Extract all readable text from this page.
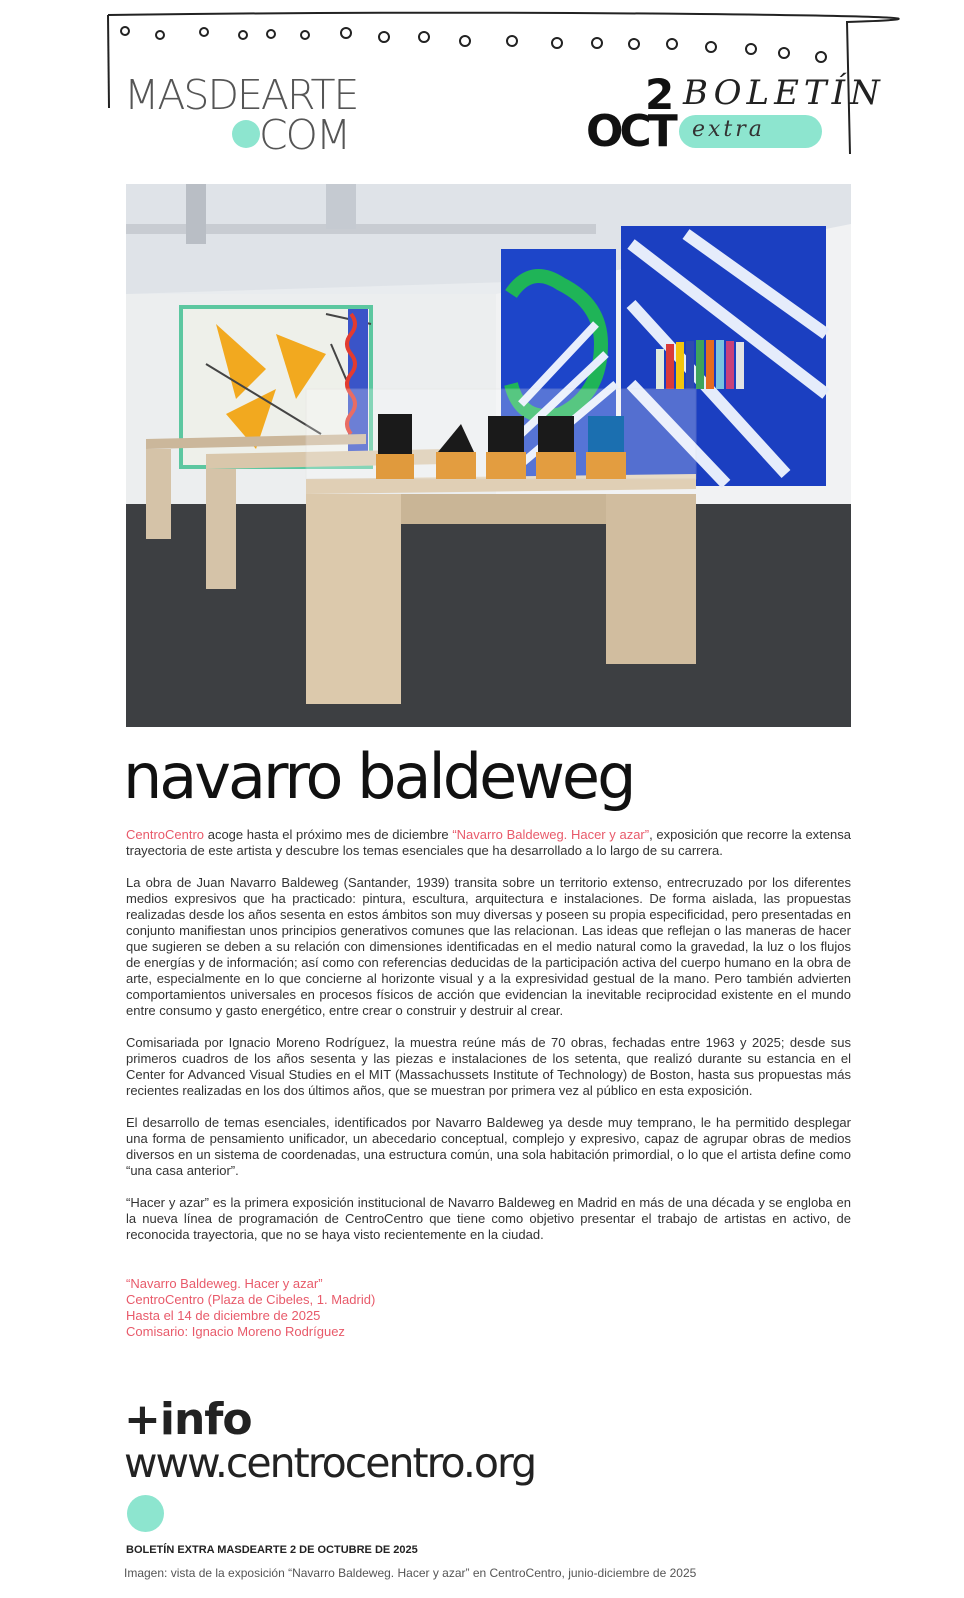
MASDEARTE
COM
2
OCT
BOLETÍN
extra
navarro baldeweg

CentroCentro acoge hasta el próximo mes de diciembre “Navarro Baldeweg. Hacer y azar”, exposición que recorre la extensa trayectoria de este artista y descubre los temas esenciales que ha desarrollado a lo largo de su carrera.

La obra de Juan Navarro Baldeweg (Santander, 1939) transita sobre un territorio extenso, entrecruzado por los diferentes medios expresivos que ha practicado: pintura, escultura, arquitectura e instalaciones. De forma aislada, las propuestas realizadas desde los años sesenta en estos ámbitos son muy diversas y poseen su propia especificidad, pero presentadas en conjunto manifiestan unos principios generativos comunes que las relacionan. Las ideas que reflejan o las maneras de hacer que sugieren se deben a su relación con dimensiones identificadas en el medio natural como la gravedad, la luz o los flujos de energías y de información; así como con referencias deducidas de la participación activa del cuerpo humano en la obra de arte, especialmente en lo que concierne al horizonte visual y a la expresividad gestual de la mano. Pero también advierten comportamientos universales en procesos físicos de acción que evidencian la inevitable reciprocidad existente en el mundo entre consumo y gasto energético, entre crear o construir y destruir al crear.

Comisariada por Ignacio Moreno Rodríguez, la muestra reúne más de 70 obras, fechadas entre 1963 y 2025; desde sus primeros cuadros de los años sesenta y las piezas e instalaciones de los setenta, que realizó durante su estancia en el Center for Advanced Visual Studies en el MIT (Massachussets Institute of Technology) de Boston, hasta sus propuestas más recientes realizadas en los dos últimos años, que se muestran por primera vez al público en esta exposición.

El desarrollo de temas esenciales, identificados por Navarro Baldeweg ya desde muy temprano, le ha permitido desplegar una forma de pensamiento unificador, un abecedario conceptual, complejo y expresivo, capaz de agrupar obras de medios diversos en un sistema de coordenadas, una estructura común, una sola habitación primordial, o lo que el artista define como “una casa anterior”.

“Hacer y azar” es la primera exposición institucional de Navarro Baldeweg en Madrid en más de una década y se engloba en la nueva línea de programación de CentroCentro que tiene como objetivo presentar el trabajo de artistas en activo, de reconocida trayectoria, que no se haya visto recientemente en la ciudad.

“Navarro Baldeweg. Hacer y azar”
CentroCentro (Plaza de Cibeles, 1. Madrid)
Hasta el 14 de diciembre de 2025
Comisario: Ignacio Moreno Rodríguez
+info
www.centrocentro.org
BOLETÍN EXTRA MASDEARTE 2 DE OCTUBRE DE 2025
Imagen: vista de la exposición “Navarro Baldeweg. Hacer y azar” en CentroCentro, junio-diciembre de 2025
